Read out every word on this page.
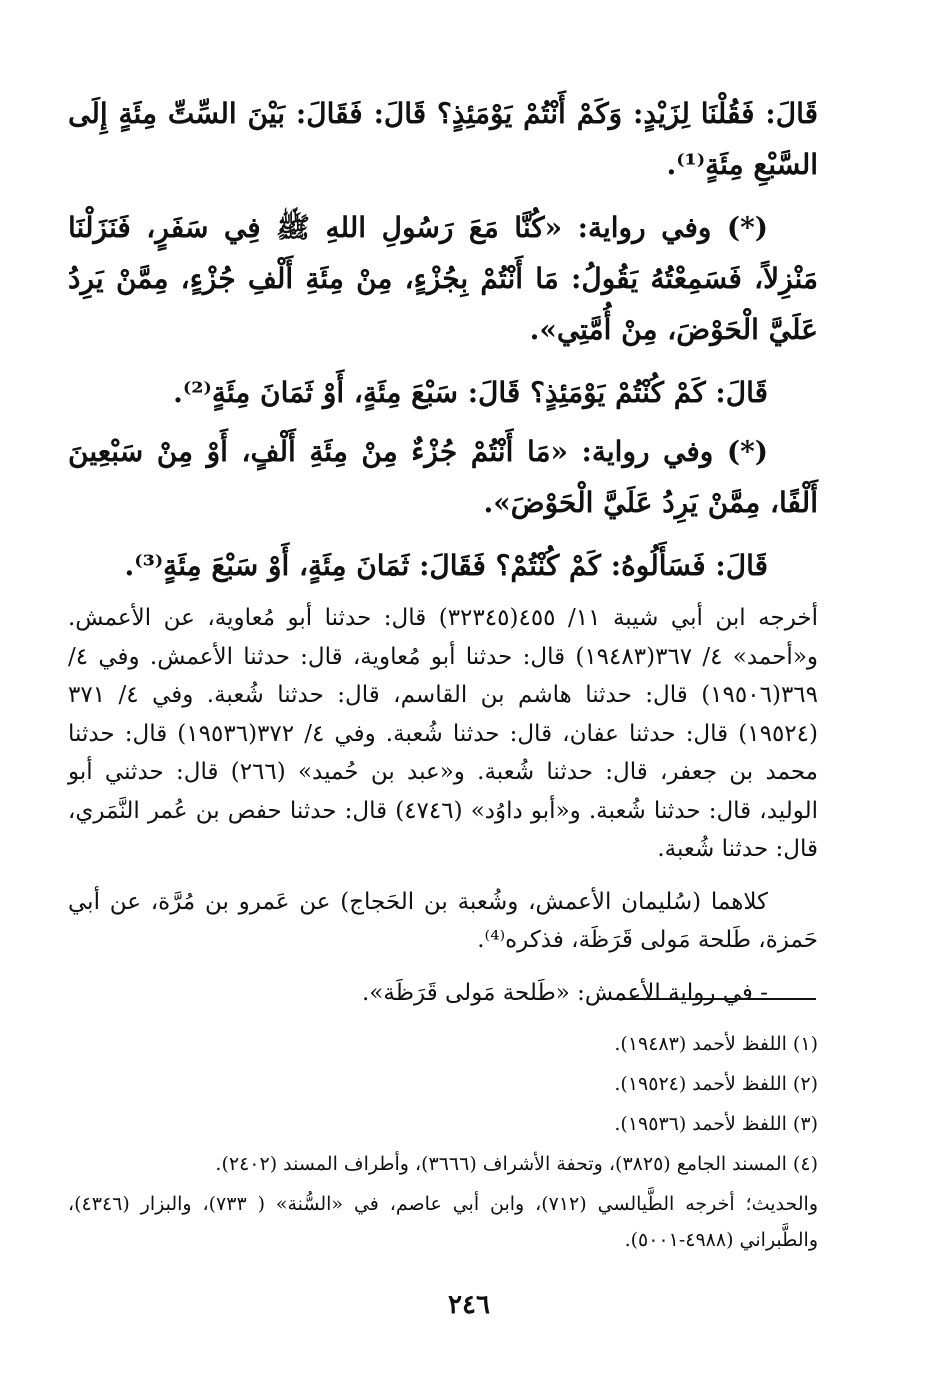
قَالَ: فَقُلْنَا لِزَيْدٍ: وَكَمْ أَنْتُمْ يَوْمَئِذٍ؟ قَالَ: فَقَالَ: بَيْنَ السِّتِّ مِئَةٍ إِلَى السَّبْعِ مِئَةٍ⁽¹⁾.

(*) وفي رواية: «كُنَّا مَعَ رَسُولِ اللهِ ﷺ فِي سَفَرٍ، فَنَزَلْنَا مَنْزِلاً، فَسَمِعْتُهُ يَقُولُ: مَا أَنْتُمْ بِجُزْءٍ، مِنْ مِئَةِ أَلْفِ جُزْءٍ، مِمَّنْ يَرِدُ عَلَيَّ الْحَوْضَ، مِنْ أُمَّتِي».

قَالَ: كَمْ كُنْتُمْ يَوْمَئِذٍ؟ قَالَ: سَبْعَ مِئَةٍ، أَوْ ثَمَانَ مِئَةٍ⁽²⁾.

(*) وفي رواية: «مَا أَنْتُمْ جُزْءٌ مِنْ مِئَةِ أَلْفٍ، أَوْ مِنْ سَبْعِينَ أَلْفًا، مِمَّنْ يَرِدُ عَلَيَّ الْحَوْضَ».

قَالَ: فَسَأَلُوهُ: كَمْ كُنْتُمْ؟ فَقَالَ: ثَمَانَ مِئَةٍ، أَوْ سَبْعَ مِئَةٍ⁽³⁾.

أخرجه ابن أبي شيبة ١١/ ٤٥٥(٣٢٣٤٥) قال: حدثنا أبو مُعاوية، عن الأعمش. و«أحمد» ٤/ ٣٦٧(١٩٤٨٣) قال: حدثنا أبو مُعاوية، قال: حدثنا الأعمش. وفي ٤/ ٣٦٩(١٩٥٠٦) قال: حدثنا هاشم بن القاسم، قال: حدثنا شُعبة. وفي ٤/ ٣٧١ (١٩٥٢٤) قال: حدثنا عفان، قال: حدثنا شُعبة. وفي ٤/ ٣٧٢(١٩٥٣٦) قال: حدثنا محمد بن جعفر، قال: حدثنا شُعبة. و«عبد بن حُميد» (٢٦٦) قال: حدثني أبو الوليد، قال: حدثنا شُعبة. و«أبو داوُد» (٤٧٤٦) قال: حدثنا حفص بن عُمر النَّمَري، قال: حدثنا شُعبة.

كلاهما (سُليمان الأعمش، وشُعبة بن الحَجاج) عن عَمرو بن مُرَّة، عن أبي حَمزة، طَلحة مَولى قَرَظَة، فذكره⁽⁴⁾.

- في رواية الأعمش: «طَلحة مَولى قَرَظَة».

(١) اللفظ لأحمد (١٩٤٨٣).

(٢) اللفظ لأحمد (١٩٥٢٤).

(٣) اللفظ لأحمد (١٩٥٣٦).

(٤) المسند الجامع (٣٨٢٥)، وتحفة الأشراف (٣٦٦٦)، وأطراف المسند (٢٤٠٢).

والحديث؛ أخرجه الطَّيالسي (٧١٢)، وابن أبي عاصم، في «السُّنة» ( ٧٣٣)، والبزار (٤٣٤٦)، والطَّبراني (٤٩٨٨-٥٠٠١).

٢٤٦
